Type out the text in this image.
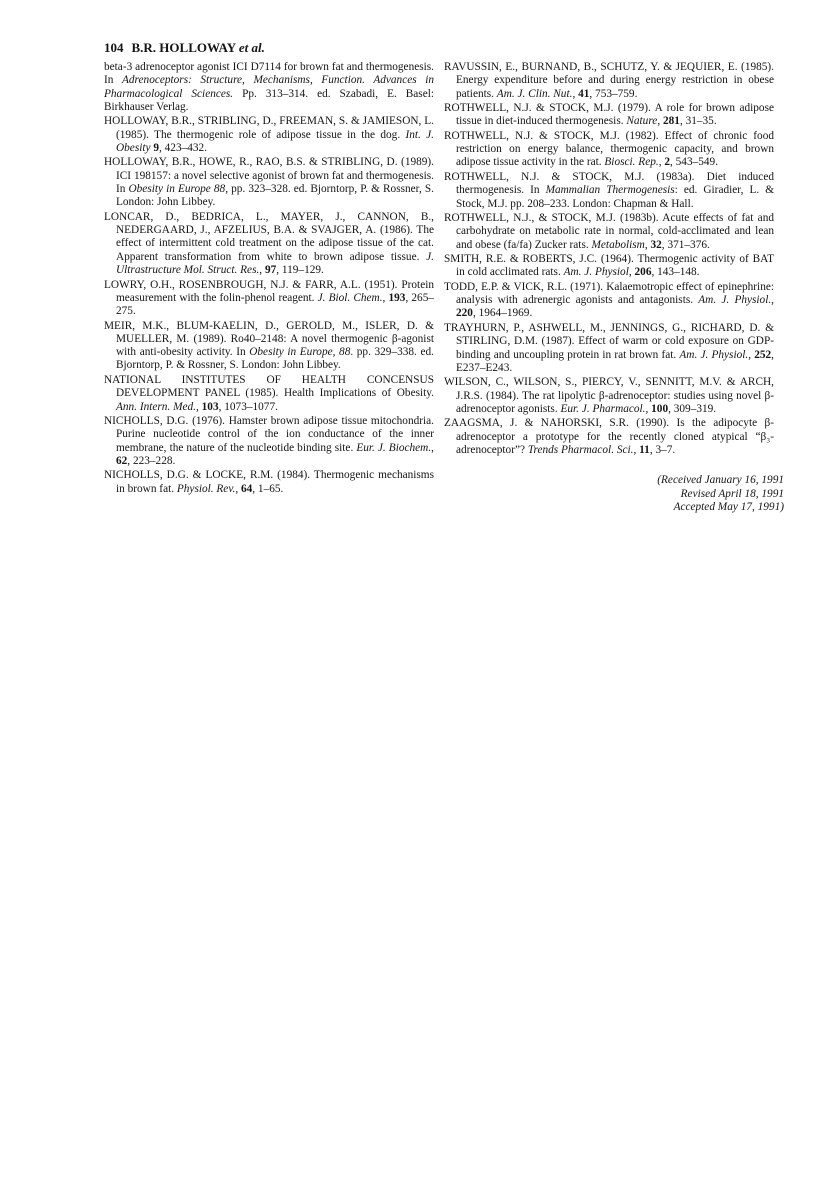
104 B.R. HOLLOWAY et al.

beta-3 adrenoceptor agonist ICI D7114 for brown fat and thermogenesis. In Adrenoceptors: Structure, Mechanisms, Function. Advances in Pharmacological Sciences. Pp. 313–314. ed. Szabadi, E. Basel: Birkhauser Verlag.

HOLLOWAY, B.R., STRIBLING, D., FREEMAN, S. & JAMIESON, L. (1985). The thermogenic role of adipose tissue in the dog. Int. J. Obesity 9, 423–432.

HOLLOWAY, B.R., HOWE, R., RAO, B.S. & STRIBLING, D. (1989). ICI 198157: a novel selective agonist of brown fat and thermogenesis. In Obesity in Europe 88, pp. 323–328. ed. Bjorntorp, P. & Rossner, S. London: John Libbey.

LONCAR, D., BEDRICA, L., MAYER, J., CANNON, B., NEDERGAARD, J., AFZELIUS, B.A. & SVAJGER, A. (1986). The effect of intermittent cold treatment on the adipose tissue of the cat. Apparent transformation from white to brown adipose tissue. J. Ultrastructure Mol. Struct. Res., 97, 119–129.

LOWRY, O.H., ROSENBROUGH, N.J. & FARR, A.L. (1951). Protein measurement with the folin-phenol reagent. J. Biol. Chem., 193, 265–275.

MEIR, M.K., BLUM-KAELIN, D., GEROLD, M., ISLER, D. & MUELLER, M. (1989). Ro40–2148: A novel thermogenic β-agonist with anti-obesity activity. In Obesity in Europe, 88. pp. 329–338. ed. Bjorntorp, P. & Rossner, S. London: John Libbey.

NATIONAL INSTITUTES OF HEALTH CONCENSUS DEVELOPMENT PANEL (1985). Health Implications of Obesity. Ann. Intern. Med., 103, 1073–1077.

NICHOLLS, D.G. (1976). Hamster brown adipose tissue mitochondria. Purine nucleotide control of the ion conductance of the inner membrane, the nature of the nucleotide binding site. Eur. J. Biochem., 62, 223–228.

NICHOLLS, D.G. & LOCKE, R.M. (1984). Thermogenic mechanisms in brown fat. Physiol. Rev., 64, 1–65.

RAVUSSIN, E., BURNAND, B., SCHUTZ, Y. & JEQUIER, E. (1985). Energy expenditure before and during energy restriction in obese patients. Am. J. Clin. Nut., 41, 753–759.

ROTHWELL, N.J. & STOCK, M.J. (1979). A role for brown adipose tissue in diet-induced thermogenesis. Nature, 281, 31–35.

ROTHWELL, N.J. & STOCK, M.J. (1982). Effect of chronic food restriction on energy balance, thermogenic capacity, and brown adipose tissue activity in the rat. Biosci. Rep., 2, 543–549.

ROTHWELL, N.J. & STOCK, M.J. (1983a). Diet induced thermogenesis. In Mammalian Thermogenesis: ed. Giradier, L. & Stock, M.J. pp. 208–233. London: Chapman & Hall.

ROTHWELL, N.J., & STOCK, M.J. (1983b). Acute effects of fat and carbohydrate on metabolic rate in normal, cold-acclimated and lean and obese (fa/fa) Zucker rats. Metabolism, 32, 371–376.

SMITH, R.E. & ROBERTS, J.C. (1964). Thermogenic activity of BAT in cold acclimated rats. Am. J. Physiol, 206, 143–148.

TODD, E.P. & VICK, R.L. (1971). Kalaemotropic effect of epinephrine: analysis with adrenergic agonists and antagonists. Am. J. Physiol., 220, 1964–1969.

TRAYHURN, P., ASHWELL, M., JENNINGS, G., RICHARD, D. & STIRLING, D.M. (1987). Effect of warm or cold exposure on GDP-binding and uncoupling protein in rat brown fat. Am. J. Physiol., 252, E237–E243.

WILSON, C., WILSON, S., PIERCY, V., SENNITT, M.V. & ARCH, J.R.S. (1984). The rat lipolytic β-adrenoceptor: studies using novel β-adrenoceptor agonists. Eur. J. Pharmacol., 100, 309–319.

ZAAGSMA, J. & NAHORSKI, S.R. (1990). Is the adipocyte β-adrenoceptor a prototype for the recently cloned atypical “β₃-adrenoceptor”? Trends Pharmacol. Sci., 11, 3–7.

(Received January 16, 1991
Revised April 18, 1991
Accepted May 17, 1991)
